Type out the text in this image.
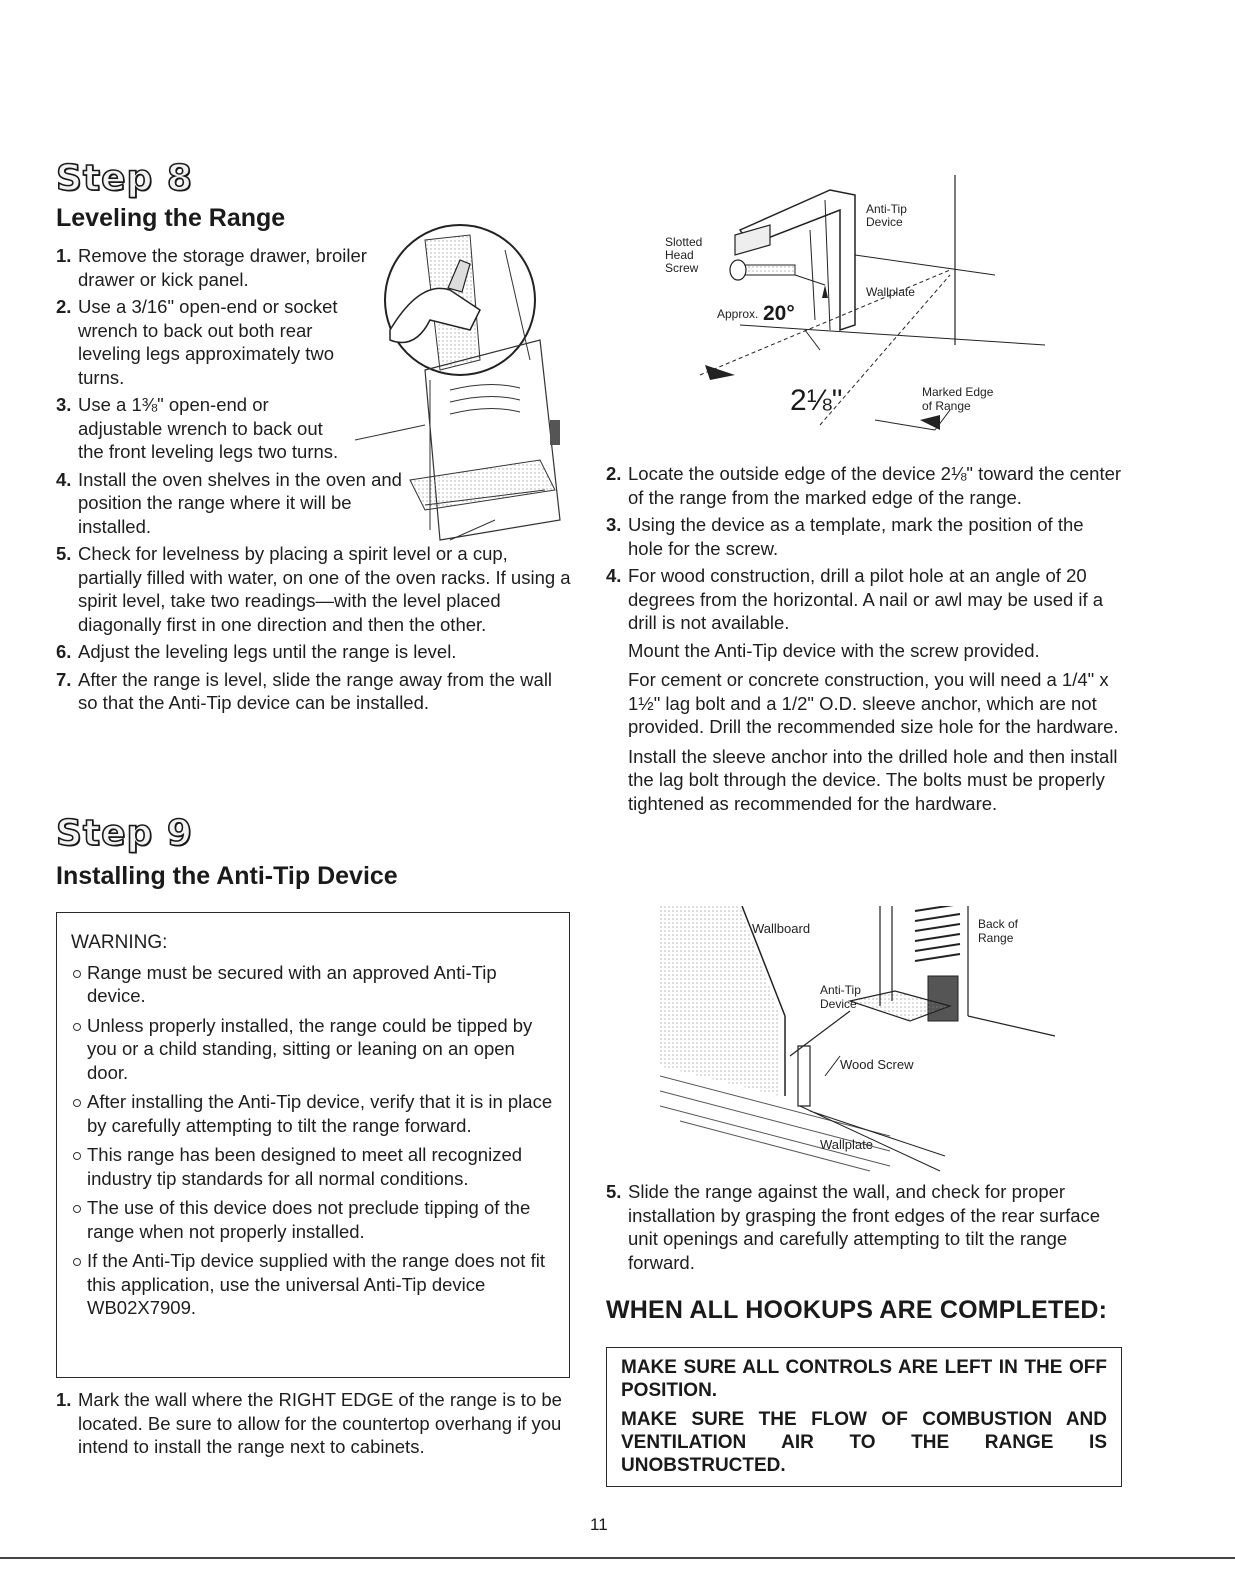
Step 8
Leveling the Range
1. Remove the storage drawer, broiler drawer or kick panel.
2. Use a 3/16" open-end or socket wrench to back out both rear leveling legs approximately two turns.
3. Use a 1⅜" open-end or adjustable wrench to back out the front leveling legs two turns.
4. Install the oven shelves in the oven and position the range where it will be installed.
5. Check for levelness by placing a spirit level or a cup, partially filled with water, on one of the oven racks. If using a spirit level, take two readings—with the level placed diagonally first in one direction and then the other.
6. Adjust the leveling legs until the range is level.
7. After the range is level, slide the range away from the wall so that the Anti-Tip device can be installed.
Step 9
Installing the Anti-Tip Device
WARNING:
Range must be secured with an approved Anti-Tip device.
Unless properly installed, the range could be tipped by you or a child standing, sitting or leaning on an open door.
After installing the Anti-Tip device, verify that it is in place by carefully attempting to tilt the range forward.
This range has been designed to meet all recognized industry tip standards for all normal conditions.
The use of this device does not preclude tipping of the range when not properly installed.
If the Anti-Tip device supplied with the range does not fit this application, use the universal Anti-Tip device WB02X7909.
1. Mark the wall where the RIGHT EDGE of the range is to be located. Be sure to allow for the countertop overhang if you intend to install the range next to cabinets.
Slotted
Head
Screw
Anti-Tip
Device
Wallplate
Approx. 20°
2⅛"	Marked Edge
of Range
2. Locate the outside edge of the device 2⅛" toward the center of the range from the marked edge of the range.
3. Using the device as a template, mark the position of the hole for the screw.
4. For wood construction, drill a pilot hole at an angle of 20 degrees from the horizontal. A nail or awl may be used if a drill is not available.

Mount the Anti-Tip device with the screw provided.

For cement or concrete construction, you will need a 1/4" x 1½" lag bolt and a 1/2" O.D. sleeve anchor, which are not provided. Drill the recommended size hole for the hardware.

Install the sleeve anchor into the drilled hole and then install the lag bolt through the device. The bolts must be properly tightened as recommended for the hardware.

Wallboard	Back of
Range
Anti-Tip
Device
Wood Screw
Wallplate
5. Slide the range against the wall, and check for proper installation by grasping the front edges of the rear surface unit openings and carefully attempting to tilt the range forward.
WHEN ALL HOOKUPS ARE COMPLETED:

MAKE SURE ALL CONTROLS ARE LEFT IN THE OFF POSITION.

MAKE SURE THE FLOW OF COMBUSTION AND VENTILATION AIR TO THE RANGE IS UNOBSTRUCTED.

11
